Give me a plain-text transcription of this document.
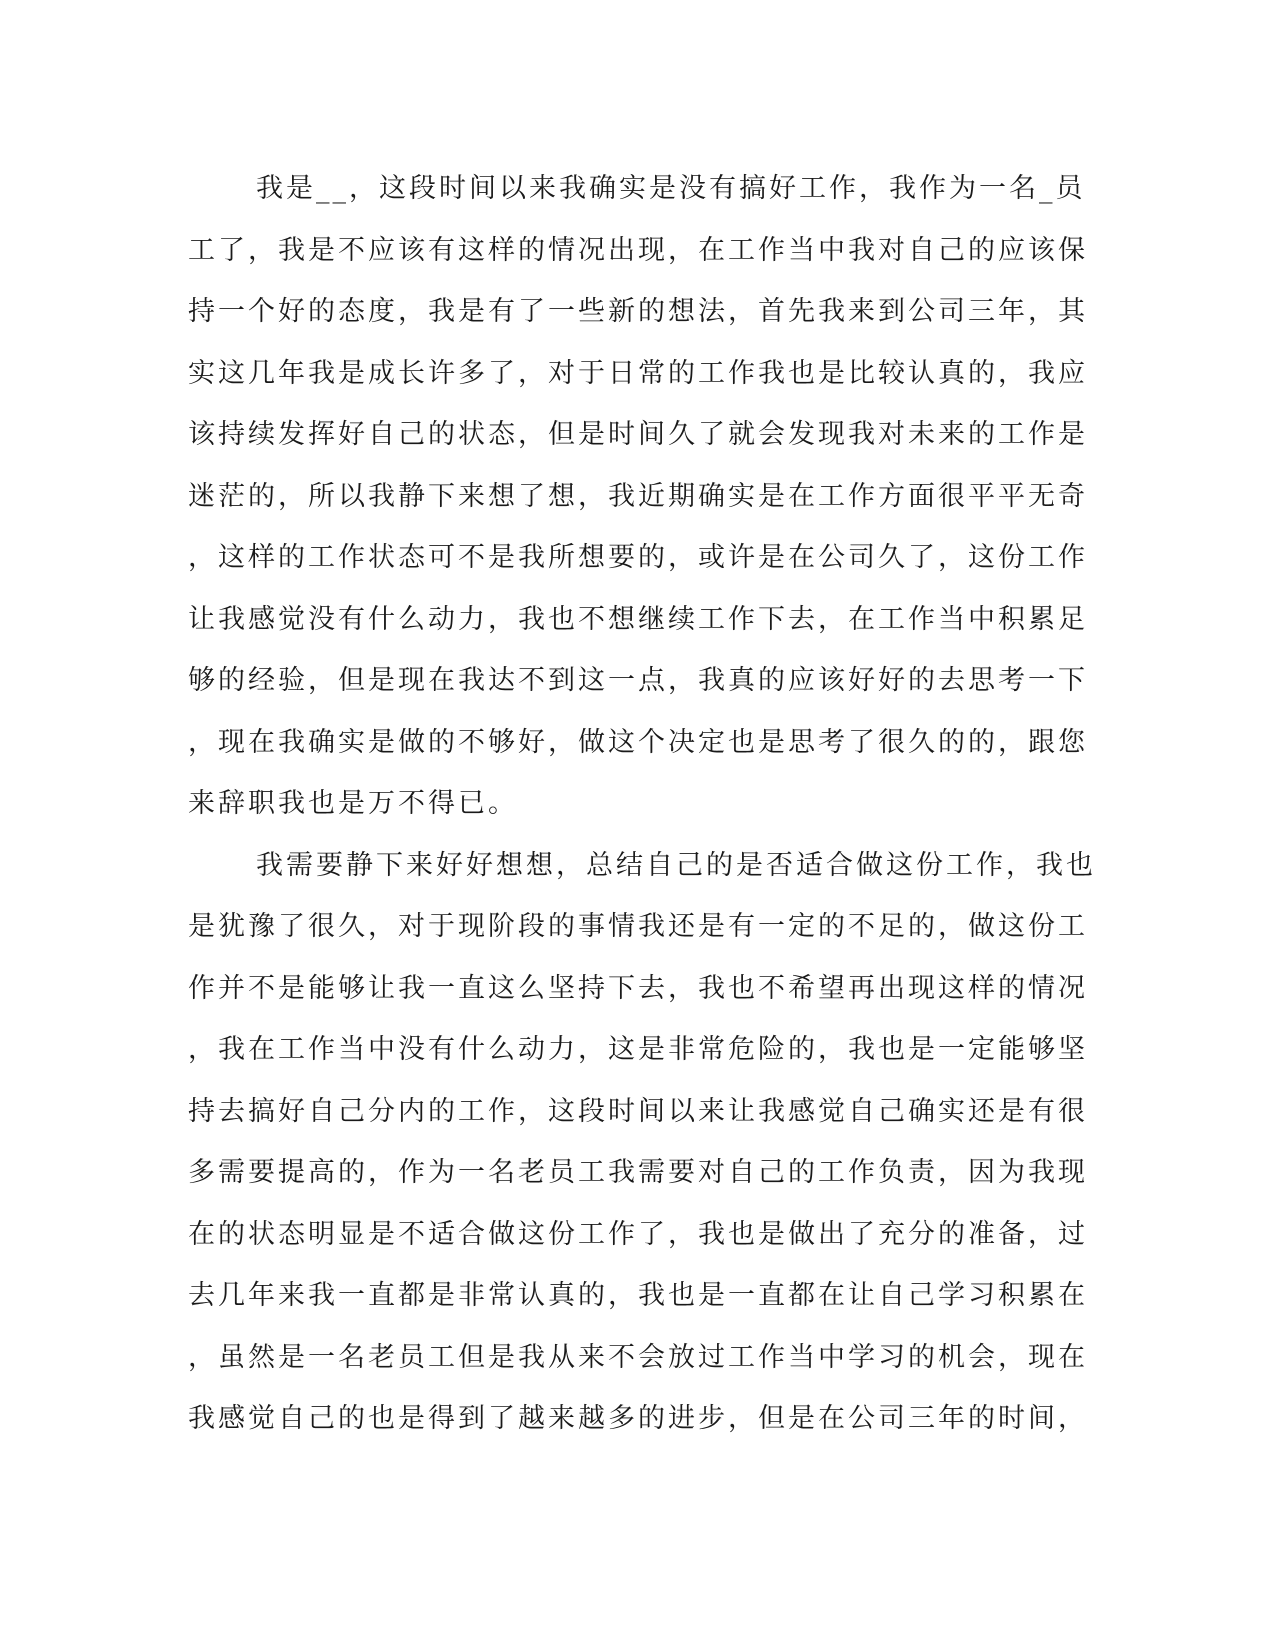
我是__，这段时间以来我确实是没有搞好工作，我作为一名_员
工了，我是不应该有这样的情况出现，在工作当中我对自己的应该保
持一个好的态度，我是有了一些新的想法，首先我来到公司三年，其
实这几年我是成长许多了，对于日常的工作我也是比较认真的，我应
该持续发挥好自己的状态，但是时间久了就会发现我对未来的工作是
迷茫的，所以我静下来想了想，我近期确实是在工作方面很平平无奇
，这样的工作状态可不是我所想要的，或许是在公司久了，这份工作
让我感觉没有什么动力，我也不想继续工作下去，在工作当中积累足
够的经验，但是现在我达不到这一点，我真的应该好好的去思考一下
，现在我确实是做的不够好，做这个决定也是思考了很久的的，跟您
来辞职我也是万不得已。
我需要静下来好好想想，总结自己的是否适合做这份工作，我也
是犹豫了很久，对于现阶段的事情我还是有一定的不足的，做这份工
作并不是能够让我一直这么坚持下去，我也不希望再出现这样的情况
，我在工作当中没有什么动力，这是非常危险的，我也是一定能够坚
持去搞好自己分内的工作，这段时间以来让我感觉自己确实还是有很
多需要提高的，作为一名老员工我需要对自己的工作负责，因为我现
在的状态明显是不适合做这份工作了，我也是做出了充分的准备，过
去几年来我一直都是非常认真的，我也是一直都在让自己学习积累在
，虽然是一名老员工但是我从来不会放过工作当中学习的机会，现在
我感觉自己的也是得到了越来越多的进步，但是在公司三年的时间，
